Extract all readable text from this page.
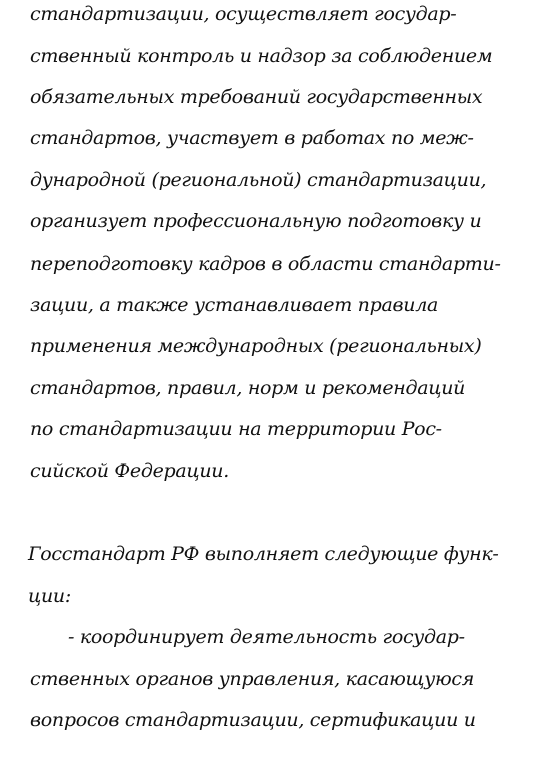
стандартизации, осуществляет государ-
ственный контроль и надзор за соблюдением
обязательных требований государственных
стандартов, участвует в работах по меж-
дународной (региональной) стандартизации,
организует профессиональную подготовку и
переподготовку кадров в области стандарти-
зации, а также устанавливает правила
применения международных (региональных)
стандартов, правил, норм и рекомендаций
по стандартизации на территории Рос-
сийской Федерации.
Госстандарт РФ выполняет следующие функ-
ции:
- координирует деятельность государ-
ственных органов управления, касающуюся
вопросов стандартизации, сертификации и
